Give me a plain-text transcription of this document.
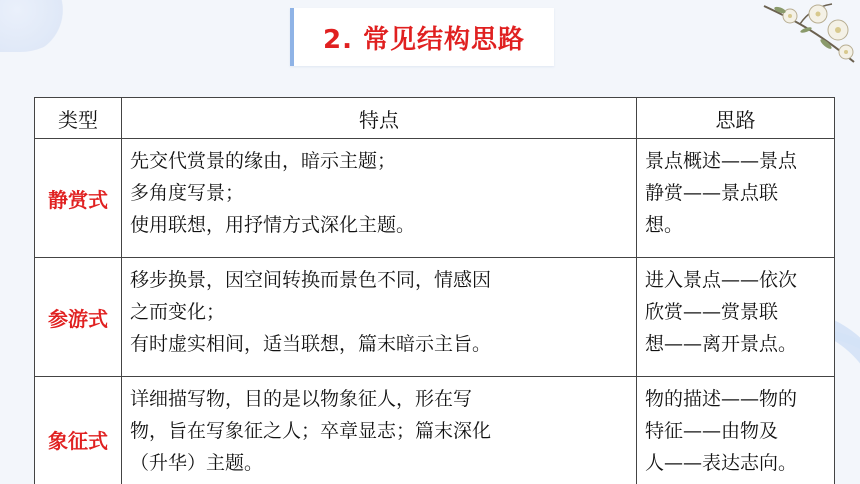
2. 常见结构思路
类型	特点	思路
静赏式	先交代赏景的缘由，暗示主题；
多角度写景；
使用联想，用抒情方式深化主题。	景点概述——景点
静赏——景点联
想。

参游式	移步换景，因空间转换而景色不同，情感因
之而变化；
有时虚实相间，适当联想，篇末暗示主旨。	进入景点——依次
欣赏——赏景联
想——离开景点。

象征式	详细描写物，目的是以物象征人，形在写
物，旨在写象征之人；卒章显志；篇末深化
（升华）主题。	物的描述——物的
特征——由物及
人——表达志向。
